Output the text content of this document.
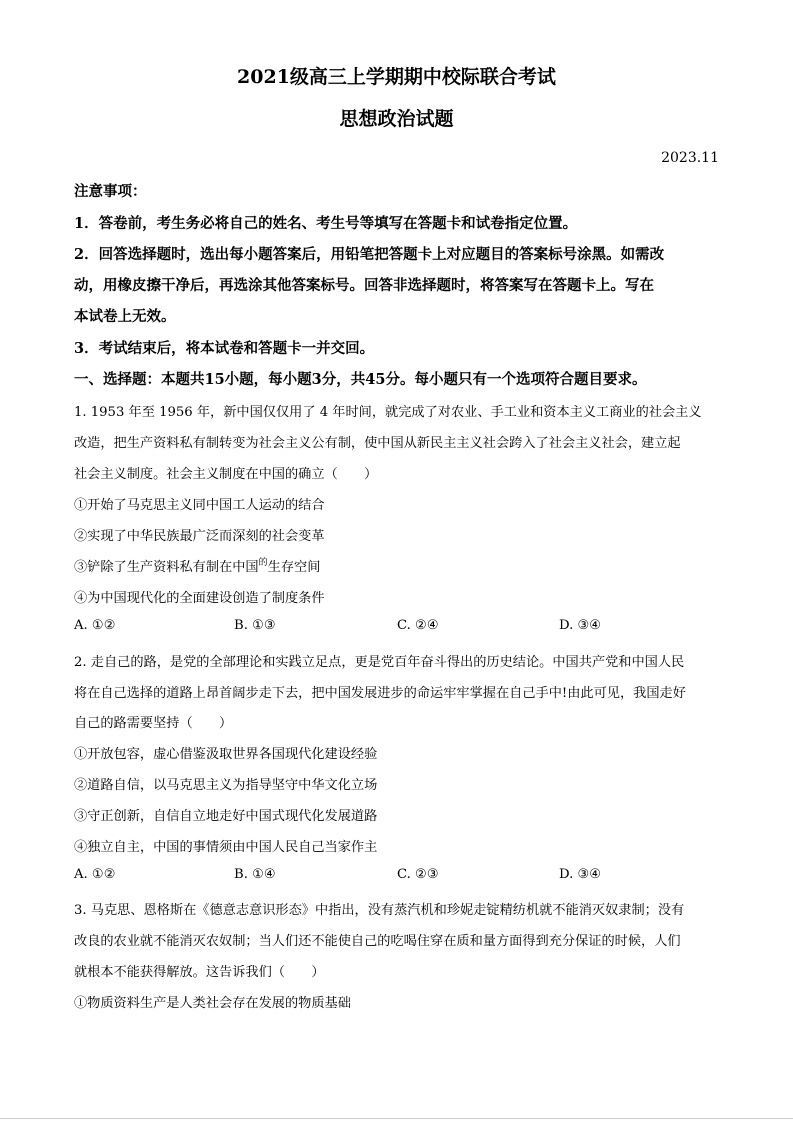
2021级高三上学期期中校际联合考试
思想政治试题
2023.11
注意事项：
1．答卷前，考生务必将自己的姓名、考生号等填写在答题卡和试卷指定位置。
2．回答选择题时，选出每小题答案后，用铅笔把答题卡上对应题目的答案标号涂黑。如需改
动，用橡皮擦干净后，再选涂其他答案标号。回答非选择题时，将答案写在答题卡上。写在
本试卷上无效。
3．考试结束后，将本试卷和答题卡一并交回。
一、选择题：本题共15小题，每小题3分，共45分。每小题只有一个选项符合题目要求。
1. 1953 年至 1956 年，新中国仅仅用了 4 年时间，就完成了对农业、手工业和资本主义工商业的社会主义
改造，把生产资料私有制转变为社会主义公有制，使中国从新民主主义社会跨入了社会主义社会，建立起
社会主义制度。社会主义制度在中国的确立（　　）
①开始了马克思主义同中国工人运动的结合
②实现了中华民族最广泛而深刻的社会变革
③铲除了生产资料私有制在中国$^的$生存空间
④为中国现代化的全面建设创造了制度条件
A. ①②	B. ①③	C. ②④	D. ③④
2. 走自己的路，是党的全部理论和实践立足点，更是党百年奋斗得出的历史结论。中国共产党和中国人民
将在自己选择的道路上昂首阔步走下去，把中国发展进步的命运牢牢掌握在自己手中!由此可见，我国走好
自己的路需要坚持（　　）
①开放包容，虚心借鉴汲取世界各国现代化建设经验
②道路自信，以马克思主义为指导坚守中华文化立场
③守正创新，自信自立地走好中国式现代化发展道路
④独立自主，中国的事情须由中国人民自己当家作主
A. ①②	B. ①④	C. ②③	D. ③④
3. 马克思、恩格斯在《德意志意识形态》中指出，没有蒸汽机和珍妮走锭精纺机就不能消灭奴隶制；没有
改良的农业就不能消灭农奴制；当人们还不能使自己的吃喝住穿在质和量方面得到充分保证的时候，人们
就根本不能获得解放。这告诉我们（　　）
①物质资料生产是人类社会存在发展的物质基础
